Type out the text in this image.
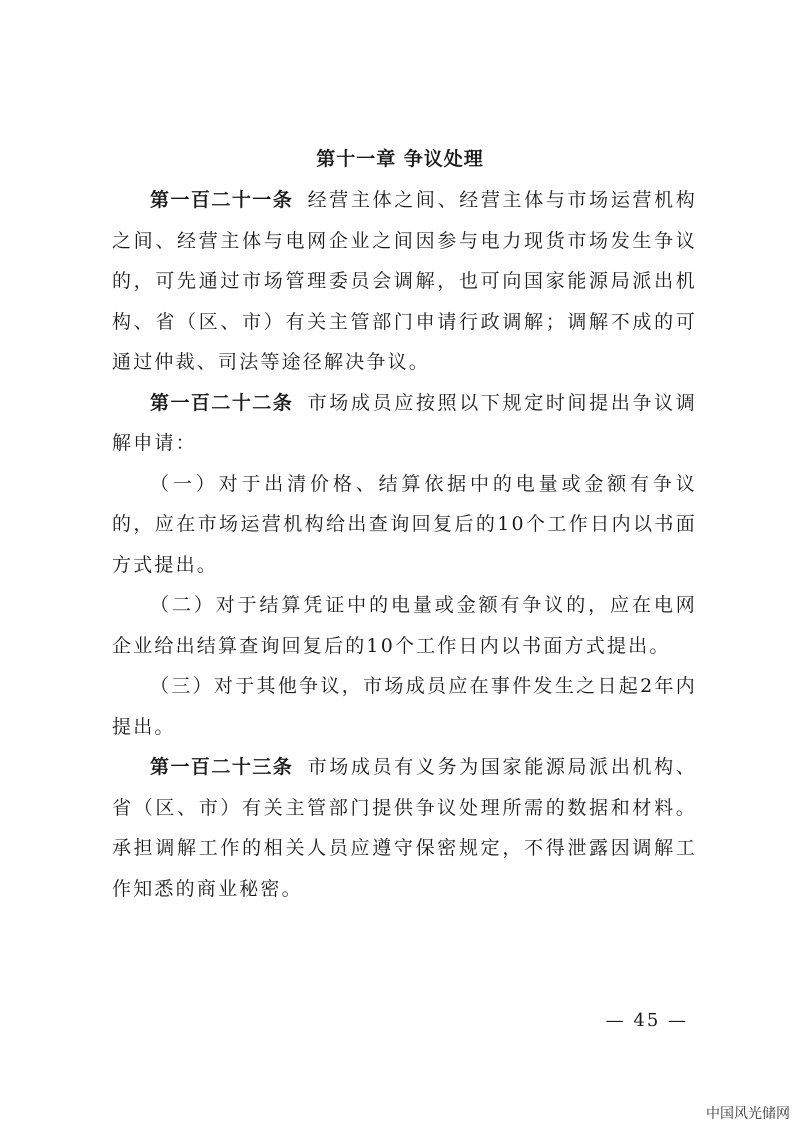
第十一章 争议处理

第一百二十一条 经营主体之间、经营主体与市场运营机构之间、经营主体与电网企业之间因参与电力现货市场发生争议的，可先通过市场管理委员会调解，也可向国家能源局派出机构、省（区、市）有关主管部门申请行政调解；调解不成的可通过仲裁、司法等途径解决争议。

第一百二十二条 市场成员应按照以下规定时间提出争议调解申请：

（一）对于出清价格、结算依据中的电量或金额有争议的，应在市场运营机构给出查询回复后的10个工作日内以书面方式提出。

（二）对于结算凭证中的电量或金额有争议的，应在电网企业给出结算查询回复后的10个工作日内以书面方式提出。

（三）对于其他争议，市场成员应在事件发生之日起2年内提出。

第一百二十三条 市场成员有义务为国家能源局派出机构、省（区、市）有关主管部门提供争议处理所需的数据和材料。承担调解工作的相关人员应遵守保密规定，不得泄露因调解工作知悉的商业秘密。

— 45 —
中国风光储网
